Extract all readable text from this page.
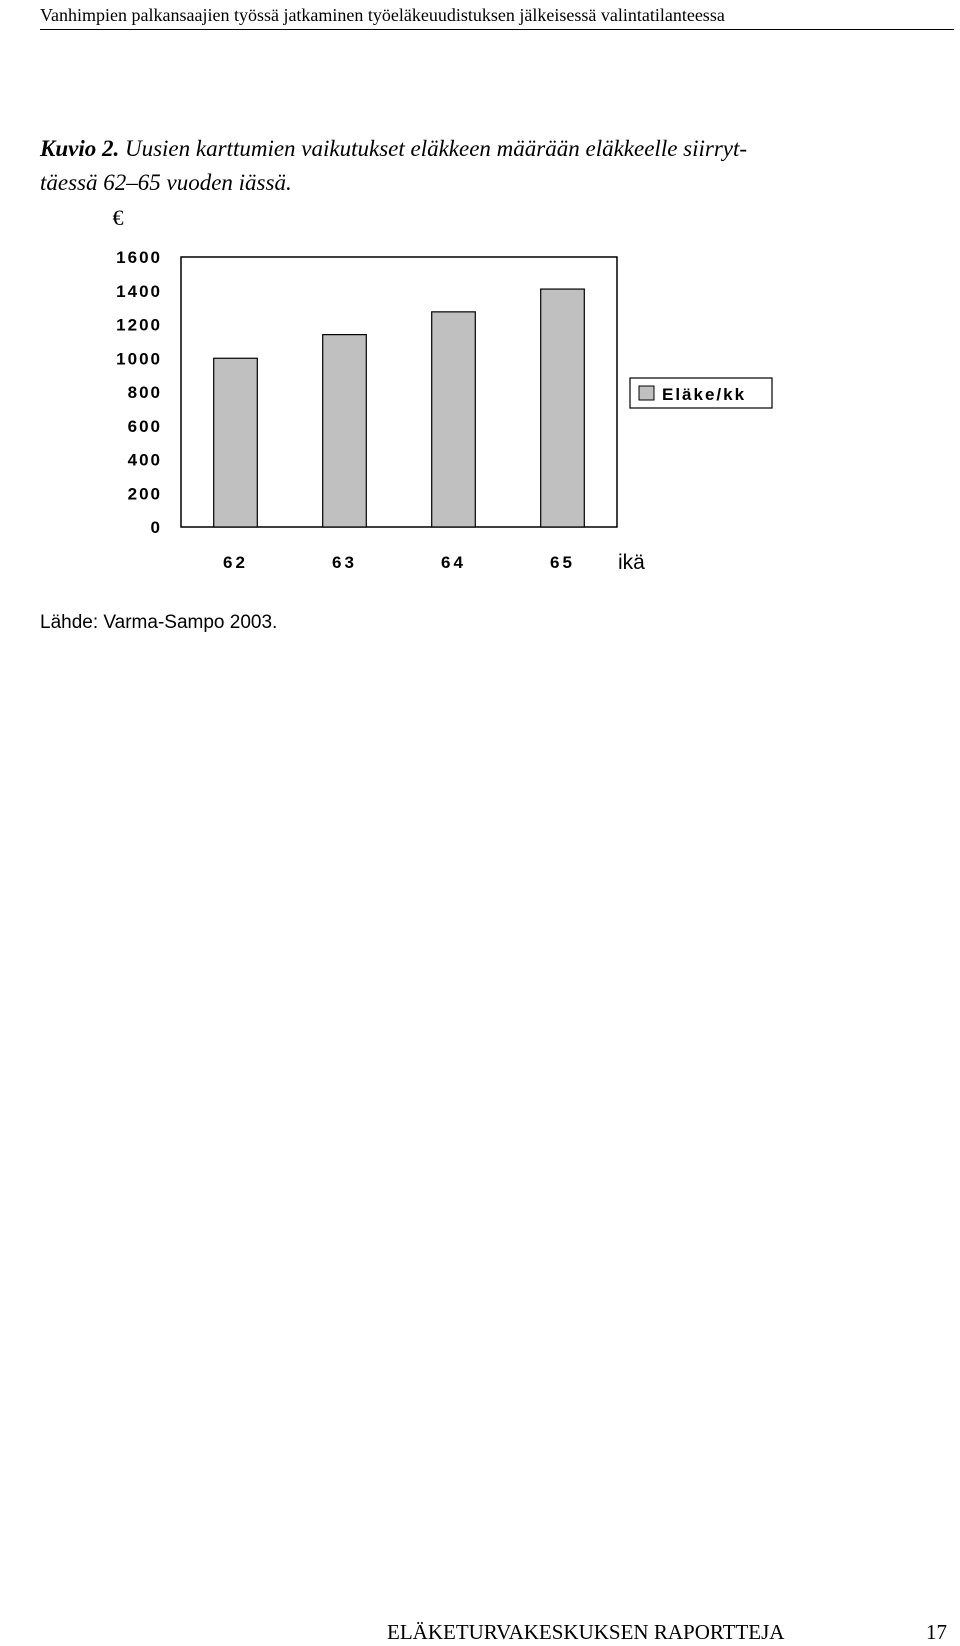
Vanhimpien palkansaajien työssä jatkaminen työeläkeuudistuksen jälkeisessä valintatilanteessa
Kuvio 2. Uusien karttumien vaikutukset eläkkeen määrään eläkkeelle siirryt-
täessä 62–65 vuoden iässä.
€
1600
1400
1200
1000
800
600
400
200
0
62	63	64	65 ikä
Eläke/kk
Lähde: Varma-Sampo 2003.
ELÄKETURVAKESKUKSEN RAPORTTEJA	17
